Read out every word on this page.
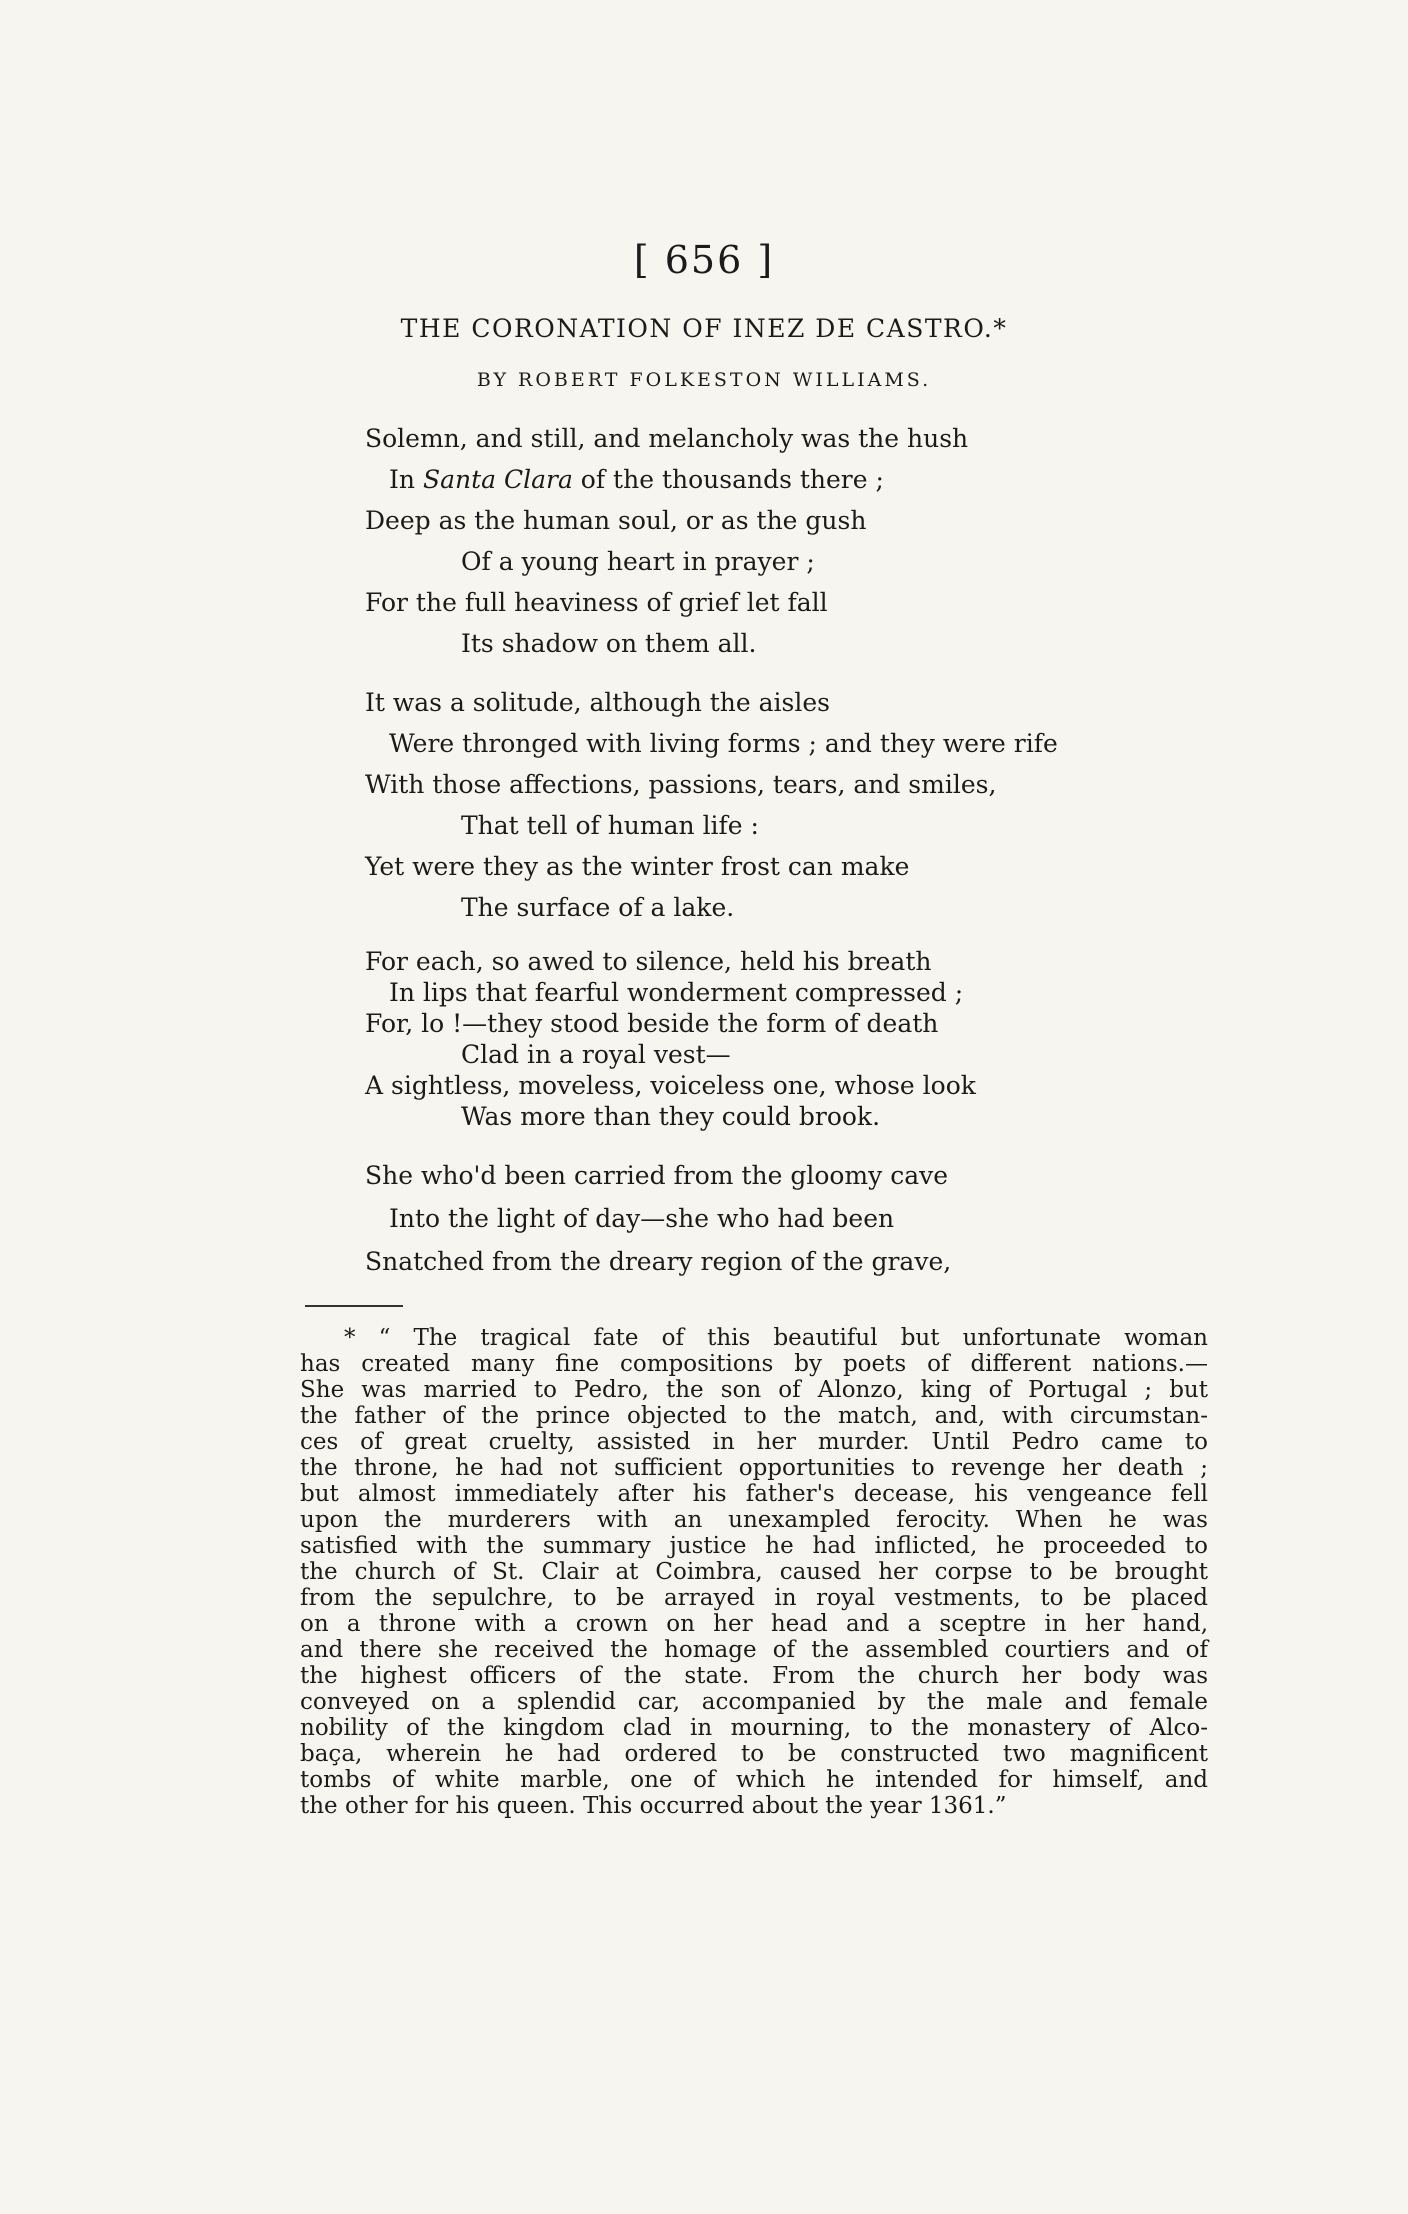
[ 656 ]
THE CORONATION OF INEZ DE CASTRO.*
BY ROBERT FOLKESTON WILLIAMS.
Solemn, and still, and melancholy was the hush
In Santa Clara of the thousands there ;
Deep as the human soul, or as the gush
Of a young heart in prayer ;
For the full heaviness of grief let fall
Its shadow on them all.
It was a solitude, although the aisles
Were thronged with living forms ; and they were rife
With those affections, passions, tears, and smiles,
That tell of human life :
Yet were they as the winter frost can make
The surface of a lake.
For each, so awed to silence, held his breath
In lips that fearful wonderment compressed ;
For, lo !—they stood beside the form of death
Clad in a royal vest—
A sightless, moveless, voiceless one, whose look
Was more than they could brook.
She who'd been carried from the gloomy cave
Into the light of day—she who had been
Snatched from the dreary region of the grave,
* “ The tragical fate of this beautiful but unfortunate woman
has created many fine compositions by poets of different nations.—
She was married to Pedro, the son of Alonzo, king of Portugal ; but
the father of the prince objected to the match, and, with circumstan-
ces of great cruelty, assisted in her murder. Until Pedro came to
the throne, he had not sufficient opportunities to revenge her death ;
but almost immediately after his father's decease, his vengeance fell
upon the murderers with an unexampled ferocity. When he was
satisfied with the summary justice he had inflicted, he proceeded to
the church of St. Clair at Coimbra, caused her corpse to be brought
from the sepulchre, to be arrayed in royal vestments, to be placed
on a throne with a crown on her head and a sceptre in her hand,
and there she received the homage of the assembled courtiers and of
the highest officers of the state. From the church her body was
conveyed on a splendid car, accompanied by the male and female
nobility of the kingdom clad in mourning, to the monastery of Alco-
baça, wherein he had ordered to be constructed two magnificent
tombs of white marble, one of which he intended for himself, and
the other for his queen. This occurred about the year 1361.”
